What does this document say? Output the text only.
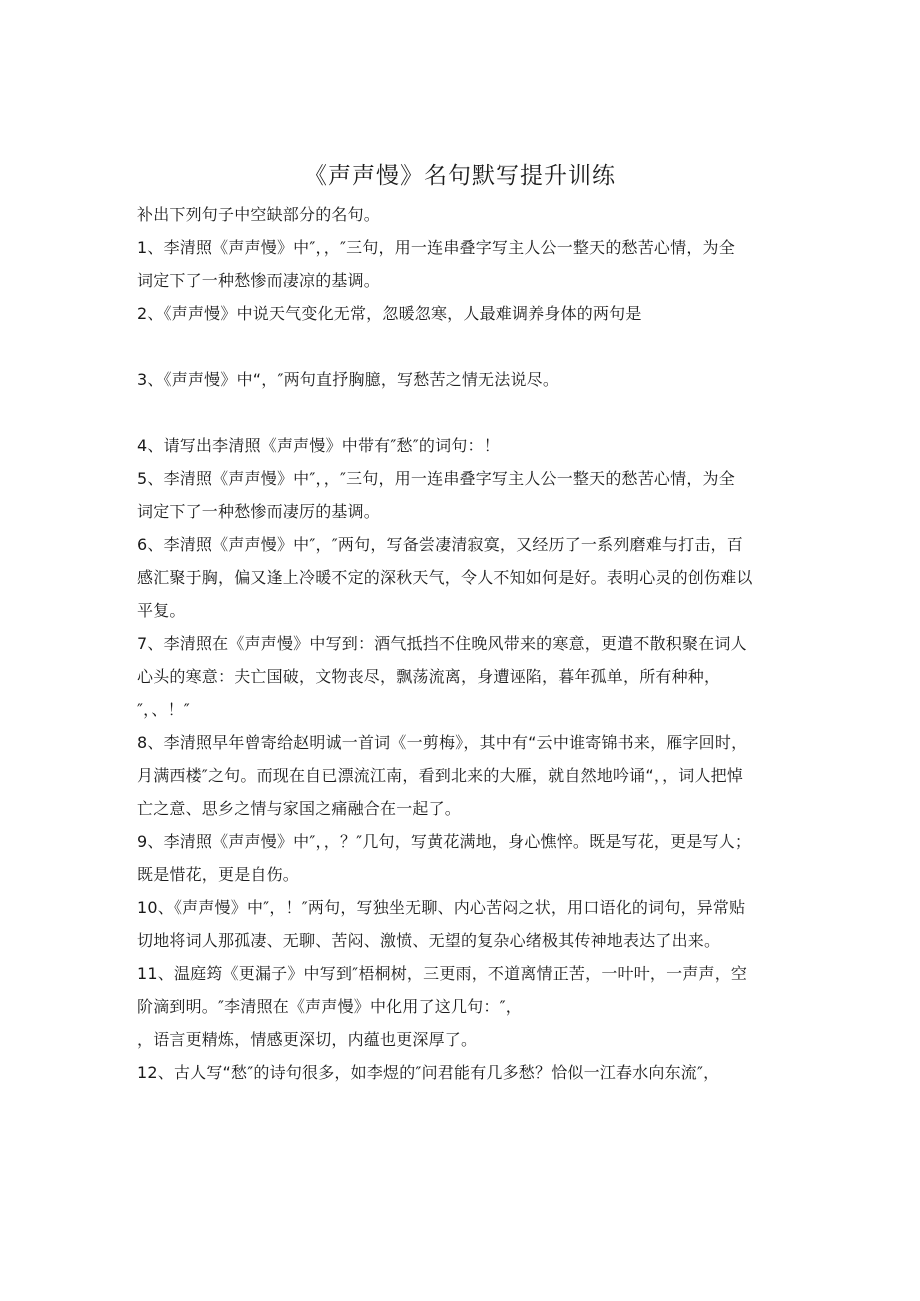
《声声慢》名句默写提升训练
补出下列句子中空缺部分的名句。
1、李清照《声声慢》中″，，″三句，用一连串叠字写主人公一整天的愁苦心情，为全
词定下了一种愁惨而凄凉的基调。
2、《声声慢》中说天气变化无常，忽暖忽寒，人最难调养身体的两句是
3、《声声慢》中“，″两句直抒胸臆，写愁苦之情无法说尽。
4、请写出李清照《声声慢》中带有″愁″的词句：！
5、李清照《声声慢》中″，，″三句，用一连串叠字写主人公一整天的愁苦心情，为全
词定下了一种愁惨而凄厉的基调。
6、李清照《声声慢》中″，″两句，写备尝凄清寂寞，又经历了一系列磨难与打击，百
感汇聚于胸，偏又逢上冷暖不定的深秋天气，令人不知如何是好。表明心灵的创伤难以
平复。
7、李清照在《声声慢》中写到：酒气抵挡不住晚风带来的寒意，更遣不散积聚在词人
心头的寒意：夫亡国破，文物丧尽，飘荡流离，身遭诬陷，暮年孤单，所有种种，
″，、！″
8、李清照早年曾寄给赵明诚一首词《一剪梅》，其中有“云中谁寄锦书来，雁字回时，
月满西楼″之句。而现在自已漂流江南，看到北来的大雁，就自然地吟诵“，，词人把悼
亡之意、思乡之情与家国之痛融合在一起了。
9、李清照《声声慢》中″，，？″几句，写黄花满地，身心憔悴。既是写花，更是写人；
既是惜花，更是自伤。
10、《声声慢》中″，！″两句，写独坐无聊、内心苦闷之状，用口语化的词句，异常贴
切地将词人那孤凄、无聊、苦闷、激愤、无望的复杂心绪极其传神地表达了出来。
11、温庭筠《更漏子》中写到″梧桐树，三更雨，不道离情正苦，一叶叶，一声声，空
阶滴到明。″李清照在《声声慢》中化用了这几句：″，
，语言更精炼，情感更深切，内蕴也更深厚了。
12、古人写“愁″的诗句很多，如李煜的″问君能有几多愁？恰似一江春水向东流″，
